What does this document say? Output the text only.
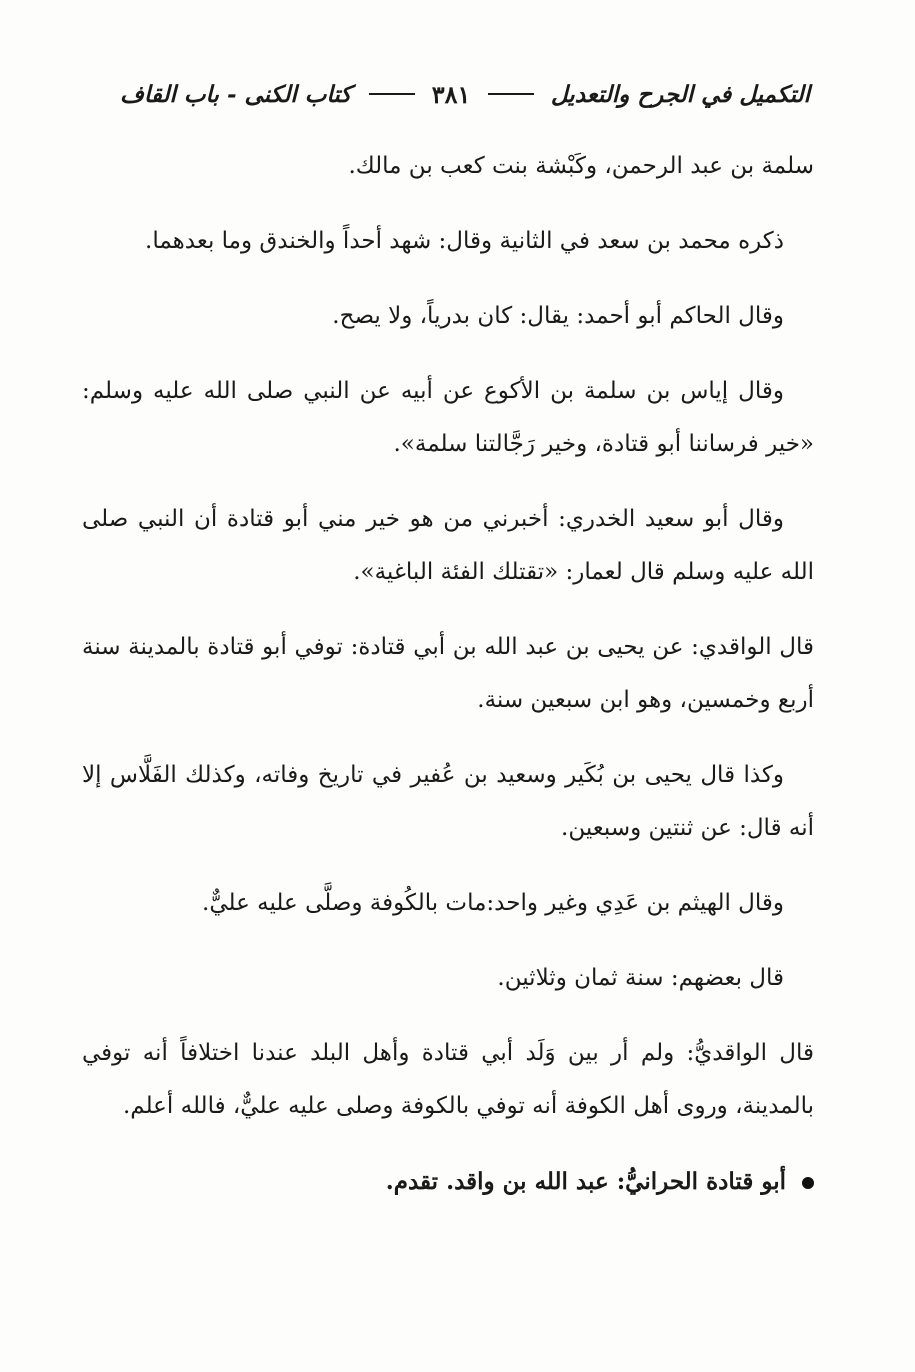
التكميل في الجرح والتعديل
٣٨١
كتاب الكنى - باب القاف

سلمة بن عبد الرحمن، وكَبْشة بنت كعب بن مالك.

ذكره محمد بن سعد في الثانية وقال: شهد أحداً والخندق وما بعدهما.

وقال الحاكم أبو أحمد: يقال: كان بدرياً، ولا يصح.

وقال إياس بن سلمة بن الأكوع عن أبيه عن النبي صلى الله عليه وسلم: «خير فرساننا أبو قتادة، وخير رَجَّالتنا سلمة».

وقال أبو سعيد الخدري: أخبرني من هو خير مني أبو قتادة أن النبي صلى الله عليه وسلم قال لعمار: «تقتلك الفئة الباغية».

قال الواقدي: عن يحيى بن عبد الله بن أبي قتادة: توفي أبو قتادة بالمدينة سنة أربع وخمسين، وهو ابن سبعين سنة.

وكذا قال يحيى بن بُكَير وسعيد بن عُفير في تاريخ وفاته، وكذلك الفَلَّاس إلا أنه قال: عن ثنتين وسبعين.

وقال الهيثم بن عَدِي وغير واحد:مات بالكُوفة وصلَّى عليه عليٌّ.

قال بعضهم: سنة ثمان وثلاثين.

قال الواقديُّ: ولم أر بين وَلَد أبي قتادة وأهل البلد عندنا اختلافاً أنه توفي بالمدينة، وروى أهل الكوفة أنه توفي بالكوفة وصلى عليه عليٌّ، فالله أعلم.

أبو قتادة الحرانيُّ: عبد الله بن واقد. تقدم.
